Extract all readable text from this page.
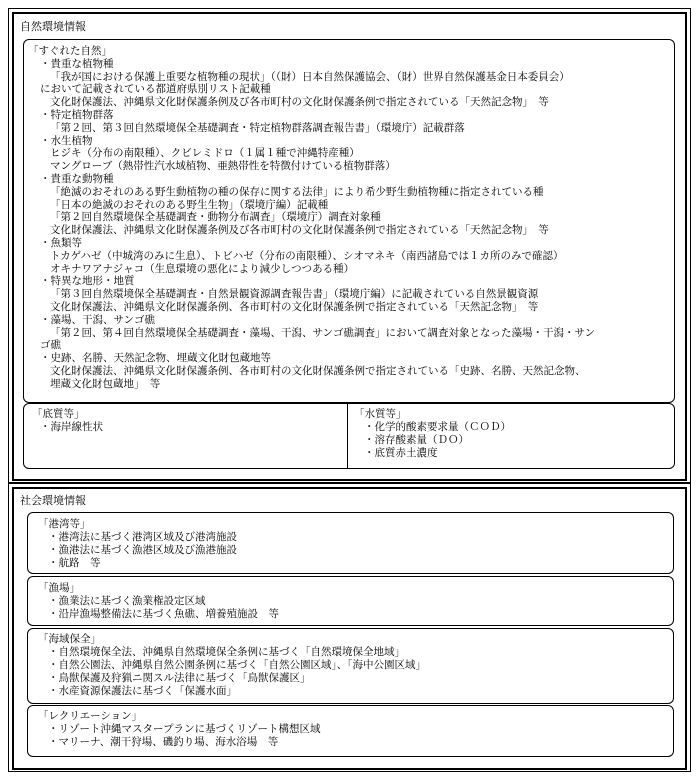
自然環境情報
「すぐれた自然」
・貴重な植物種
「我が国における保護上重要な植物種の現状」（（財）日本自然保護協会、（財）世界自然保護基金日本委員会）
において記載されている都道府県別リスト記載種
文化財保護法、沖縄県文化財保護条例及び各市町村の文化財保護条例で指定されている「天然記念物」　等
・特定植物群落
「第２回、第３回自然環境保全基礎調査・特定植物群落調査報告書」（環境庁）記載群落
・水生植物
ヒジキ（分布の南限種）、クビレミドロ（１属１種で沖縄特産種）
マングローブ（熱帯性汽水域植物、亜熱帯性を特徴付けている植物群落）
・貴重な動物種
「絶滅のおそれのある野生動植物の種の保存に関する法律」により希少野生動植物種に指定されている種
「日本の絶滅のおそれのある野生生物」（環境庁編）記載種
「第２回自然環境保全基礎調査・動物分布調査」（環境庁）調査対象種
文化財保護法、沖縄県文化財保護条例及び各市町村の文化財保護条例で指定されている「天然記念物」　等
・魚類等
トカゲハゼ（中城湾のみに生息）、トビハゼ（分布の南限種）、シオマネキ（南西諸島では１カ所のみで確認）
オキナワアナジャコ（生息環境の悪化により減少しつつある種）
・特異な地形・地質
「第３回自然環境保全基礎調査・自然景観資源調査報告書」（環境庁編）に記載されている自然景観資源
文化財保護法、沖縄県文化財保護条例、各市町村の文化財保護条例で指定されている「天然記念物」　等
・藻場、干潟、サンゴ礁
「第２回、第４回自然環境保全基礎調査・藻場、干潟、サンゴ礁調査」において調査対象となった藻場・干潟・サン
ゴ礁
・史跡、名勝、天然記念物、埋蔵文化財包蔵地等
文化財保護法、沖縄県文化財保護条例、各市町村の文化財保護条例で指定されている「史跡、名勝、天然記念物、
埋蔵文化財包蔵地」　等
「底質等」
・海岸線性状
「水質等」
・化学的酸素要求量（ＣＯＤ）
・溶存酸素量（ＤＯ）
・底質赤土濃度
社会環境情報
「港湾等」
・港湾法に基づく港湾区域及び港湾施設
・漁港法に基づく漁港区域及び漁港施設
・航路　等
「漁場」
・漁業法に基づく漁業権設定区域
・沿岸漁場整備法に基づく魚礁、増養殖施設　等
「海域保全」
・自然環境保全法、沖縄県自然環境保全条例に基づく「自然環境保全地域」
・自然公園法、沖縄県自然公園条例に基づく「自然公園区域」、「海中公園区域」
・鳥獣保護及狩猟ニ関スル法律に基づく「鳥獣保護区」
・水産資源保護法に基づく「保護水面」
「レクリエーション」
・リゾート沖縄マスタープランに基づくリゾート構想区域
・マリーナ、潮干狩場、磯釣り場、海水浴場　等
